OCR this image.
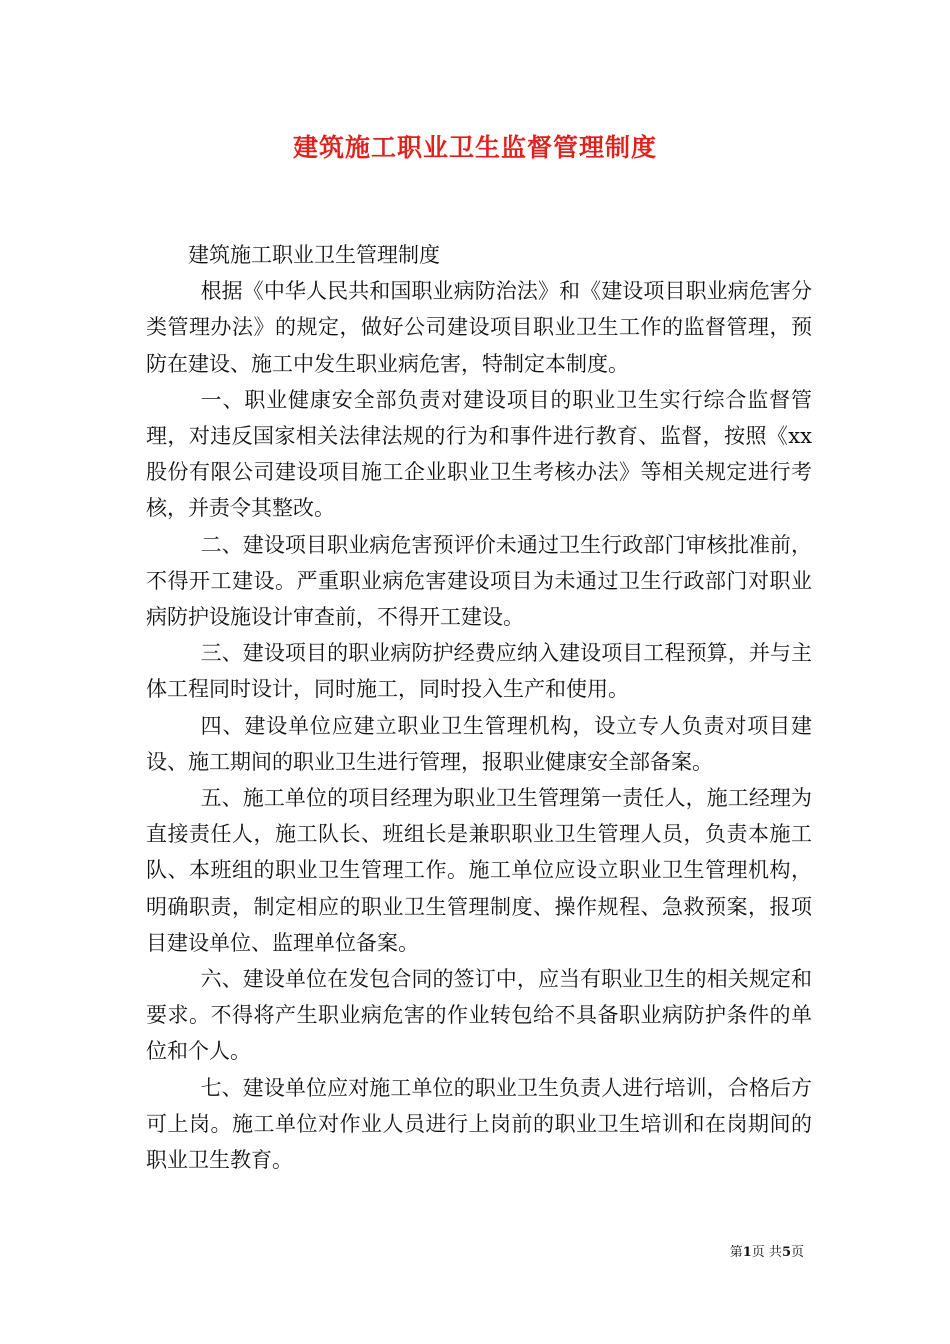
建筑施工职业卫生监督管理制度

建筑施工职业卫生管理制度

根据《中华人民共和国职业病防治法》和《建设项目职业病危害分类管理办法》的规定，做好公司建设项目职业卫生工作的监督管理，预防在建设、施工中发生职业病危害，特制定本制度。

一、职业健康安全部负责对建设项目的职业卫生实行综合监督管理，对违反国家相关法律法规的行为和事件进行教育、监督，按照《xx股份有限公司建设项目施工企业职业卫生考核办法》等相关规定进行考核，并责令其整改。

二、建设项目职业病危害预评价未通过卫生行政部门审核批准前，不得开工建设。严重职业病危害建设项目为未通过卫生行政部门对职业病防护设施设计审查前，不得开工建设。

三、建设项目的职业病防护经费应纳入建设项目工程预算，并与主体工程同时设计，同时施工，同时投入生产和使用。

四、建设单位应建立职业卫生管理机构，设立专人负责对项目建设、施工期间的职业卫生进行管理，报职业健康安全部备案。

五、施工单位的项目经理为职业卫生管理第一责任人，施工经理为直接责任人，施工队长、班组长是兼职职业卫生管理人员，负责本施工队、本班组的职业卫生管理工作。施工单位应设立职业卫生管理机构，明确职责，制定相应的职业卫生管理制度、操作规程、急救预案，报项目建设单位、监理单位备案。

六、建设单位在发包合同的签订中，应当有职业卫生的相关规定和要求。不得将产生职业病危害的作业转包给不具备职业病防护条件的单位和个人。

七、建设单位应对施工单位的职业卫生负责人进行培训，合格后方可上岗。施工单位对作业人员进行上岗前的职业卫生培训和在岗期间的职业卫生教育。

第1页 共5页
